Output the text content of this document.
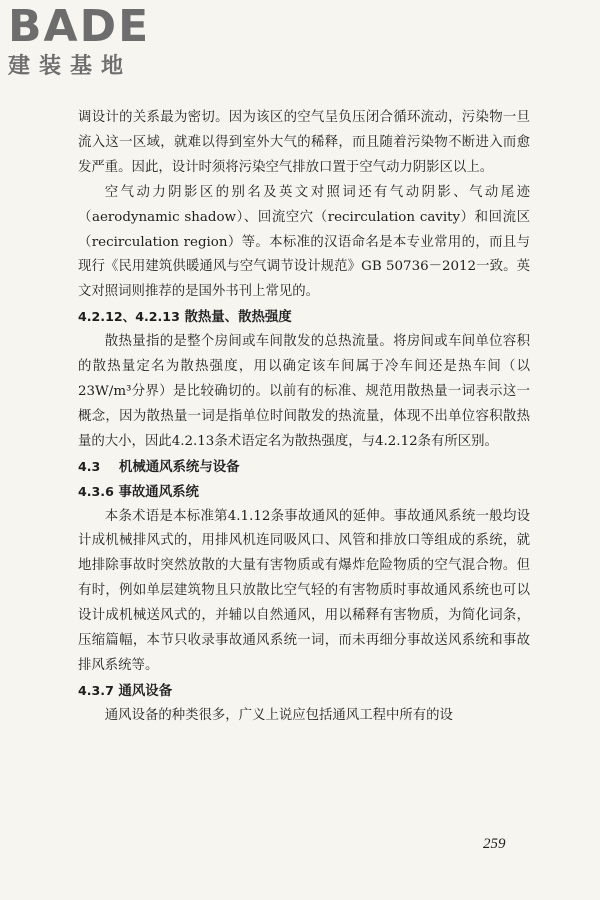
BADE
建装基地

调设计的关系最为密切。因为该区的空气呈负压闭合循环流动，污染物一旦流入这一区域，就难以得到室外大气的稀释，而且随着污染物不断进入而愈发严重。因此，设计时须将污染空气排放口置于空气动力阴影区以上。

空气动力阴影区的别名及英文对照词还有气动阴影、气动尾迹（aerodynamic shadow）、回流空穴（recirculation cavity）和回流区（recirculation region）等。本标准的汉语命名是本专业常用的，而且与现行《民用建筑供暖通风与空气调节设计规范》GB 50736－2012一致。英文对照词则推荐的是国外书刊上常见的。

4.2.12、4.2.13 散热量、散热强度

散热量指的是整个房间或车间散发的总热流量。将房间或车间单位容积的散热量定名为散热强度，用以确定该车间属于冷车间还是热车间（以23W/m³分界）是比较确切的。以前有的标准、规范用散热量一词表示这一概念，因为散热量一词是指单位时间散发的热流量，体现不出单位容积散热量的大小，因此4.2.13条术语定名为散热强度，与4.2.12条有所区别。

4.3 机械通风系统与设备

4.3.6 事故通风系统

本条术语是本标准第4.1.12条事故通风的延伸。事故通风系统一般均设计成机械排风式的，用排风机连同吸风口、风管和排放口等组成的系统，就地排除事故时突然放散的大量有害物质或有爆炸危险物质的空气混合物。但有时，例如单层建筑物且只放散比空气轻的有害物质时事故通风系统也可以设计成机械送风式的，并辅以自然通风，用以稀释有害物质，为简化词条，压缩篇幅，本节只收录事故通风系统一词，而未再细分事故送风系统和事故排风系统等。

4.3.7 通风设备

通风设备的种类很多，广义上说应包括通风工程中所有的设

259
